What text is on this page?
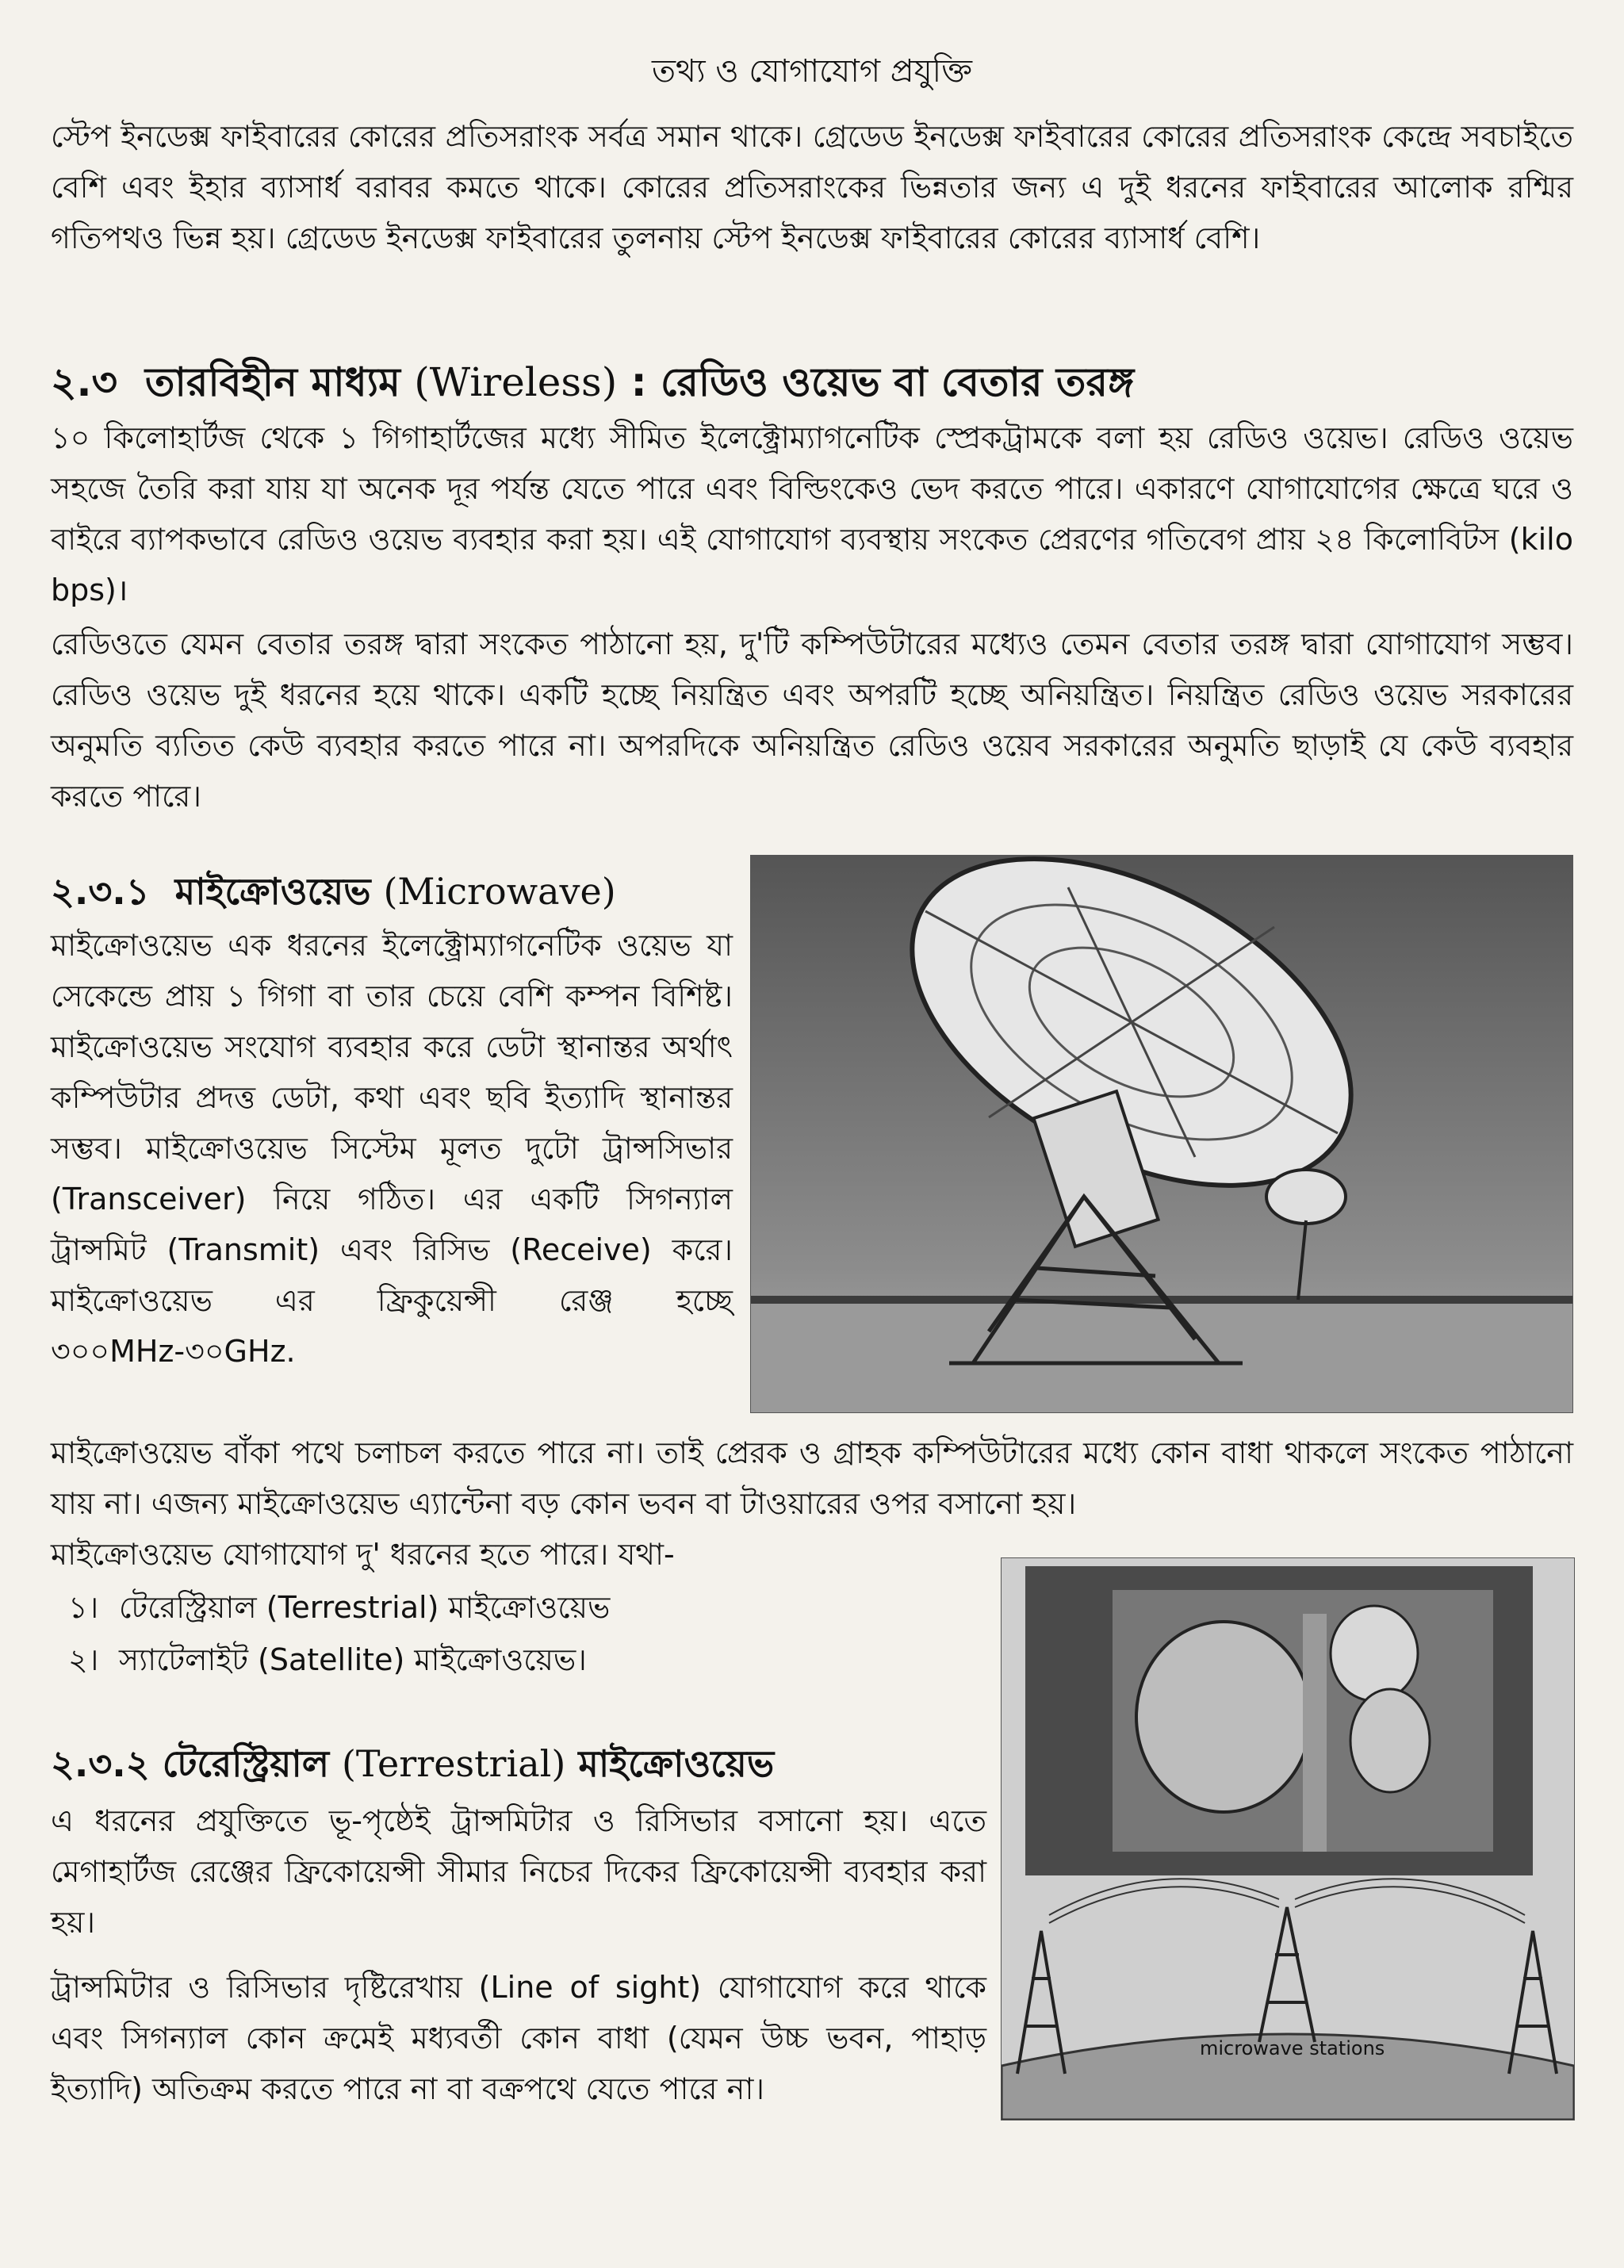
তথ্য ও যোগাযোগ প্রযুক্তি

স্টেপ ইনডেক্স ফাইবারের কোরের প্রতিসরাংক সর্বত্র সমান থাকে। গ্রেডেড ইনডেক্স ফাইবারের কোরের প্রতিসরাংক কেন্দ্রে সবচাইতে বেশি এবং ইহার ব্যাসার্ধ বরাবর কমতে থাকে। কোরের প্রতিসরাংকের ভিন্নতার জন্য এ দুই ধরনের ফাইবারের আলোক রশ্মির গতিপথও ভিন্ন হয়। গ্রেডেড ইনডেক্স ফাইবারের তুলনায় স্টেপ ইনডেক্স ফাইবারের কোরের ব্যাসার্ধ বেশি।

২.৩ তারবিহীন মাধ্যম (Wireless) : রেডিও ওয়েভ বা বেতার তরঙ্গ

১০ কিলোহার্টজ থেকে ১ গিগাহার্টজের মধ্যে সীমিত ইলেক্ট্রোম্যাগনেটিক স্প্রেকট্রামকে বলা হয় রেডিও ওয়েভ। রেডিও ওয়েভ সহজে তৈরি করা যায় যা অনেক দূর পর্যন্ত যেতে পারে এবং বিল্ডিংকেও ভেদ করতে পারে। একারণে যোগাযোগের ক্ষেত্রে ঘরে ও বাইরে ব্যাপকভাবে রেডিও ওয়েভ ব্যবহার করা হয়। এই যোগাযোগ ব্যবস্থায় সংকেত প্রেরণের গতিবেগ প্রায় ২৪ কিলোবিটস (kilo bps)।

রেডিওতে যেমন বেতার তরঙ্গ দ্বারা সংকেত পাঠানো হয়, দু'টি কম্পিউটারের মধ্যেও তেমন বেতার তরঙ্গ দ্বারা যোগাযোগ সম্ভব। রেডিও ওয়েভ দুই ধরনের হয়ে থাকে। একটি হচ্ছে নিয়ন্ত্রিত এবং অপরটি হচ্ছে অনিয়ন্ত্রিত। নিয়ন্ত্রিত রেডিও ওয়েভ সরকারের অনুমতি ব্যতিত কেউ ব্যবহার করতে পারে না। অপরদিকে অনিয়ন্ত্রিত রেডিও ওয়েব সরকারের অনুমতি ছাড়াই যে কেউ ব্যবহার করতে পারে।

২.৩.১ মাইক্রোওয়েভ (Microwave)

মাইক্রোওয়েভ এক ধরনের ইলেক্ট্রোম্যাগনেটিক ওয়েভ যা সেকেন্ডে প্রায় ১ গিগা বা তার চেয়ে বেশি কম্পন বিশিষ্ট। মাইক্রোওয়েভ সংযোগ ব্যবহার করে ডেটা স্থানান্তর অর্থাৎ কম্পিউটার প্রদত্ত ডেটা, কথা এবং ছবি ইত্যাদি স্থানান্তর সম্ভব। মাইক্রোওয়েভ সিস্টেম মূলত দুটো ট্রান্সসিভার (Transceiver) নিয়ে গঠিত। এর একটি সিগন্যাল ট্রান্সমিট (Transmit) এবং রিসিভ (Receive) করে। মাইক্রোওয়েভ এর ফ্রিকুয়েন্সী রেঞ্জ হচ্ছে ৩০০MHz-৩০GHz.

মাইক্রোওয়েভ বাঁকা পথে চলাচল করতে পারে না। তাই প্রেরক ও গ্রাহক কম্পিউটারের মধ্যে কোন বাধা থাকলে সংকেত পাঠানো যায় না। এজন্য মাইক্রোওয়েভ এ্যান্টেনা বড় কোন ভবন বা টাওয়ারের ওপর বসানো হয়।

মাইক্রোওয়েভ যোগাযোগ দু' ধরনের হতে পারে। যথা-

১। টেরেস্ট্রিয়াল (Terrestrial) মাইক্রোওয়েভ
২। স্যাটেলাইট (Satellite) মাইক্রোওয়েভ।
২.৩.২ টেরেস্ট্রিয়াল (Terrestrial) মাইক্রোওয়েভ

এ ধরনের প্রযুক্তিতে ভূ-পৃষ্ঠেই ট্রান্সমিটার ও রিসিভার বসানো হয়। এতে মেগাহার্টজ রেঞ্জের ফ্রিকোয়েন্সী সীমার নিচের দিকের ফ্রিকোয়েন্সী ব্যবহার করা হয়।

ট্রান্সমিটার ও রিসিভার দৃষ্টিরেখায় (Line of sight) যোগাযোগ করে থাকে এবং সিগন্যাল কোন ক্রমেই মধ্যবর্তী কোন বাধা (যেমন উচ্চ ভবন, পাহাড় ইত্যাদি) অতিক্রম করতে পারে না বা বক্রপথে যেতে পারে না।

microwave stations
